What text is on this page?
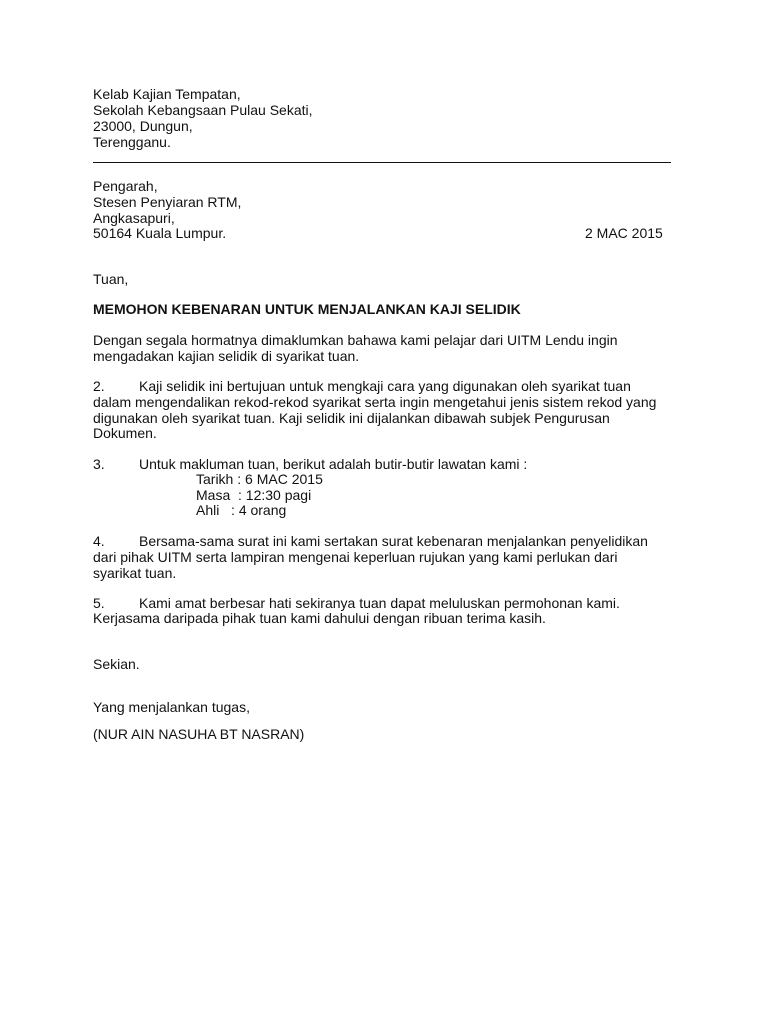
Kelab Kajian Tempatan,
Sekolah Kebangsaan Pulau Sekati,
23000, Dungun,
Terengganu.
Pengarah,
Stesen Penyiaran RTM,
Angkasapuri,
50164 Kuala Lumpur.	2 MAC 2015
Tuan,
MEMOHON KEBENARAN UNTUK MENJALANKAN KAJI SELIDIK
Dengan segala hormatnya dimaklumkan bahawa kami pelajar dari UITM Lendu ingin
mengadakan kajian selidik di syarikat tuan.
2. Kaji selidik ini bertujuan untuk mengkaji cara yang digunakan oleh syarikat tuan
dalam mengendalikan rekod-rekod syarikat serta ingin mengetahui jenis sistem rekod yang
digunakan oleh syarikat tuan. Kaji selidik ini dijalankan dibawah subjek Pengurusan
Dokumen.
3. Untuk makluman tuan, berikut adalah butir-butir lawatan kami :
Tarikh : 6 MAC 2015
Masa  : 12:30 pagi
Ahli   : 4 orang
4. Bersama-sama surat ini kami sertakan surat kebenaran menjalankan penyelidikan
dari pihak UITM serta lampiran mengenai keperluan rujukan yang kami perlukan dari
syarikat tuan.
5. Kami amat berbesar hati sekiranya tuan dapat meluluskan permohonan kami.
Kerjasama daripada pihak tuan kami dahului dengan ribuan terima kasih.
Sekian.
Yang menjalankan tugas,
(NUR AIN NASUHA BT NASRAN)
